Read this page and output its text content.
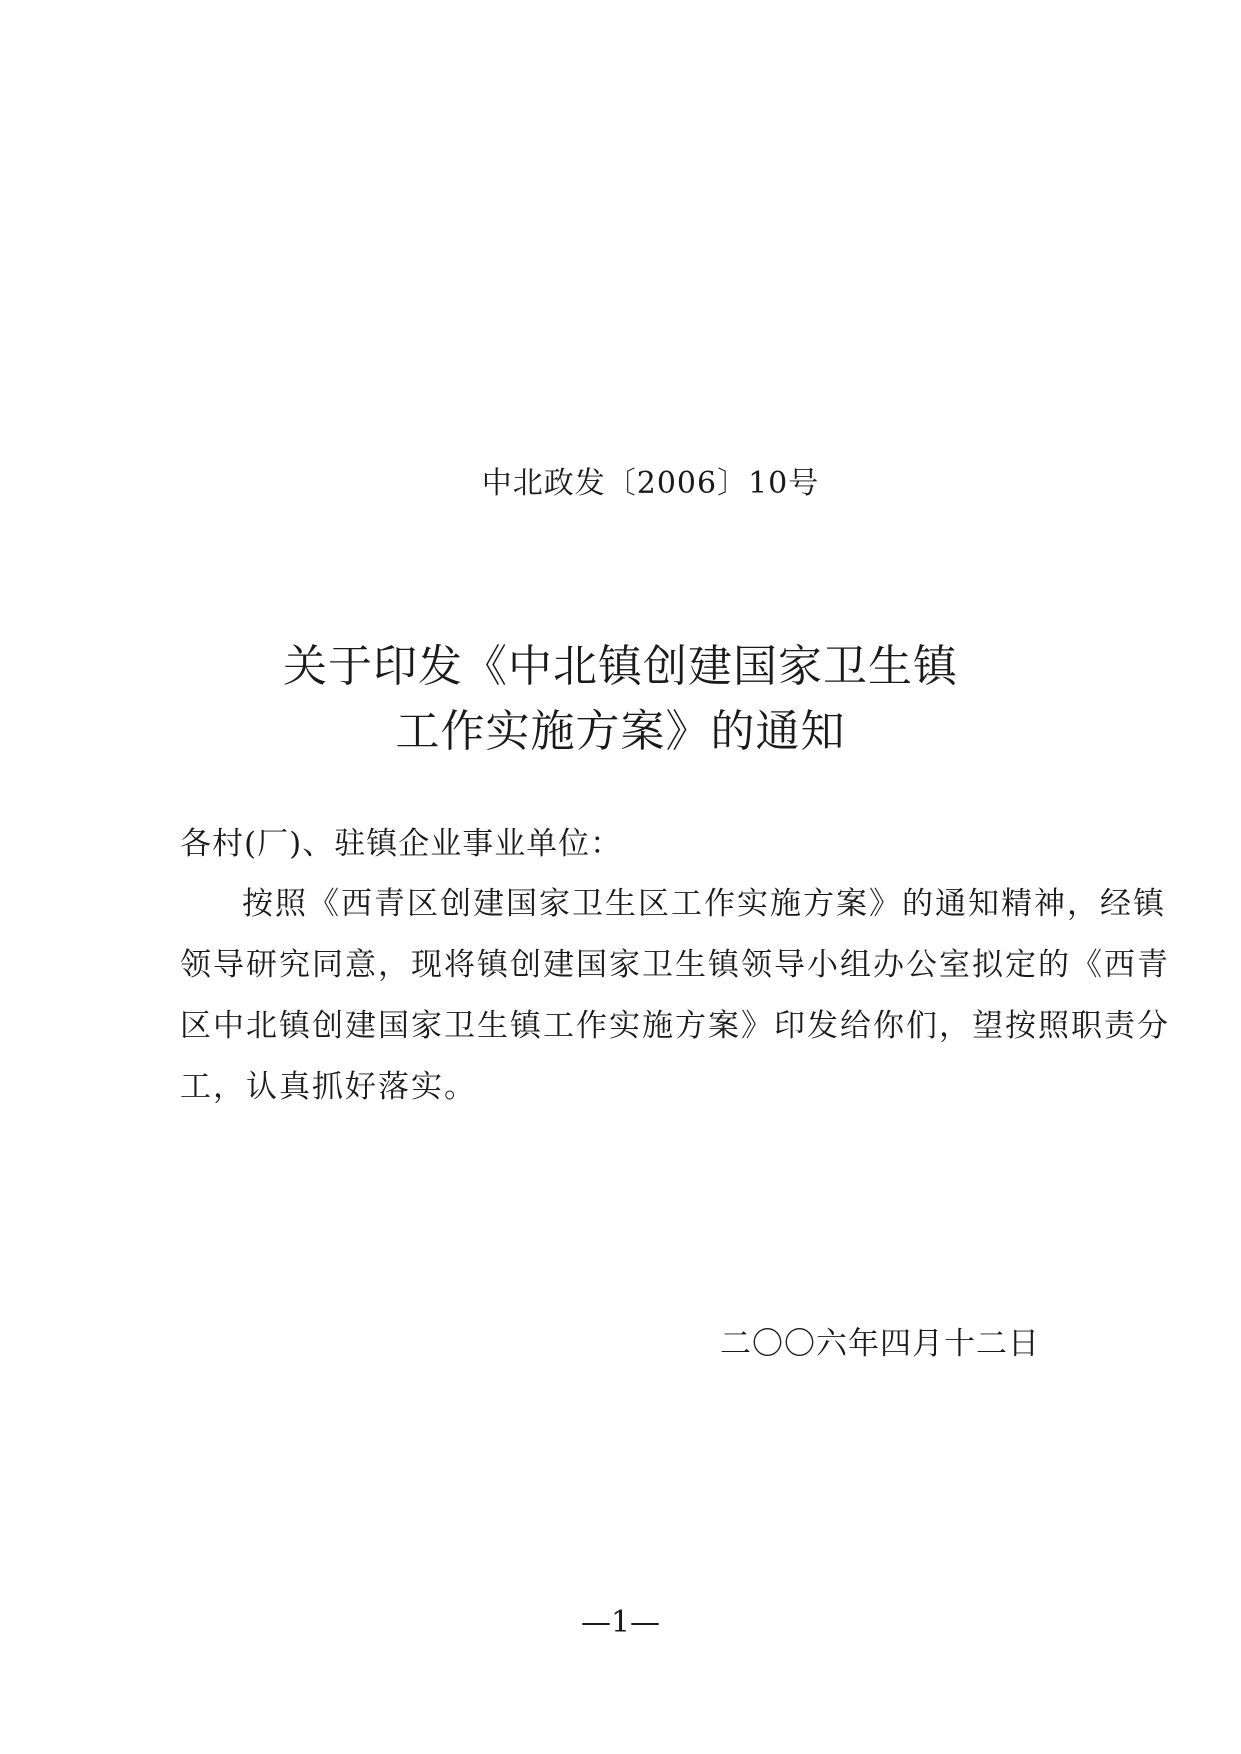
中北政发〔2006〕10号
关于印发《中北镇创建国家卫生镇
工作实施方案》的通知
各村(厂)、驻镇企业事业单位：
按照《西青区创建国家卫生区工作实施方案》的通知精神，经镇
领导研究同意，现将镇创建国家卫生镇领导小组办公室拟定的《西青
区中北镇创建国家卫生镇工作实施方案》印发给你们，望按照职责分
工，认真抓好落实。
二〇〇六年四月十二日
—1—
